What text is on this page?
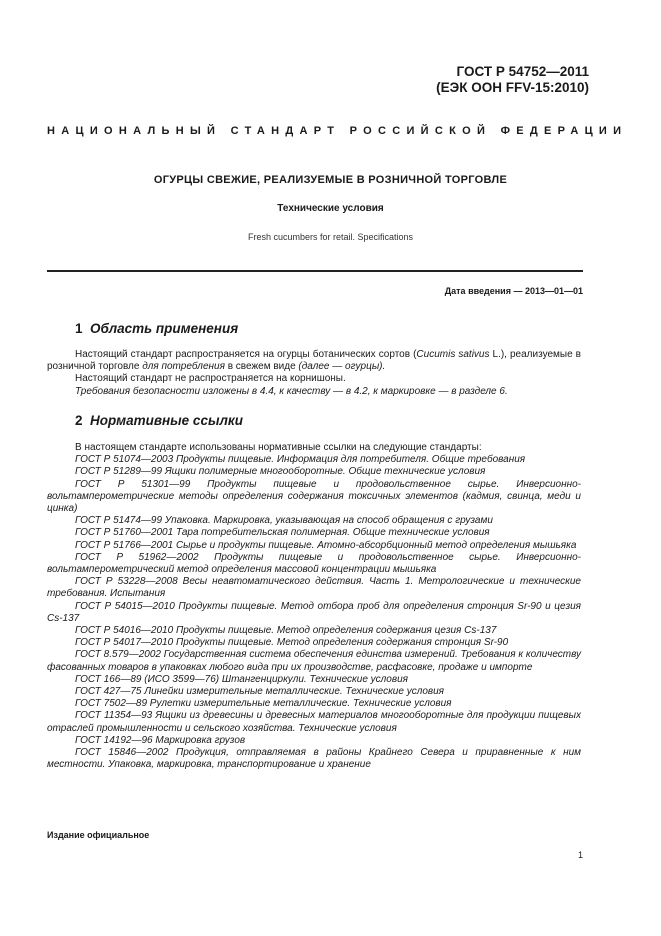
ГОСТ Р 54752—2011
(ЕЭК ООН FFV-15:2010)
НАЦИОНАЛЬНЫЙ СТАНДАРТ РОССИЙСКОЙ ФЕДЕРАЦИИ
ОГУРЦЫ СВЕЖИЕ, РЕАЛИЗУЕМЫЕ В РОЗНИЧНОЙ ТОРГОВЛЕ
Технические условия
Fresh cucumbers for retail. Specifications
Дата введения — 2013—01—01
1 Область применения

Настоящий стандарт распространяется на огурцы ботанических сортов (Cucumis sativus L.), реализуемые в розничной торговле для потребления в свежем виде (далее — огурцы).

Настоящий стандарт не распространяется на корнишоны.

Требования безопасности изложены в 4.4, к качеству — в 4.2, к маркировке — в разделе 6.

2 Нормативные ссылки

В настоящем стандарте использованы нормативные ссылки на следующие стандарты:

ГОСТ Р 51074—2003 Продукты пищевые. Информация для потребителя. Общие требования

ГОСТ Р 51289—99 Ящики полимерные многооборотные. Общие технические условия

ГОСТ Р 51301—99 Продукты пищевые и продовольственное сырье. Инверсионно-вольтамперометрические методы определения содержания токсичных элементов (кадмия, свинца, меди и цинка)

ГОСТ Р 51474—99 Упаковка. Маркировка, указывающая на способ обращения с грузами

ГОСТ Р 51760—2001 Тара потребительская полимерная. Общие технические условия

ГОСТ Р 51766—2001 Сырье и продукты пищевые. Атомно-абсорбционный метод определения мышьяка

ГОСТ Р 51962—2002 Продукты пищевые и продовольственное сырье. Инверсионно-вольтамперометрический метод определения массовой концентрации мышьяка

ГОСТ Р 53228—2008 Весы неавтоматического действия. Часть 1. Метрологические и технические требования. Испытания

ГОСТ Р 54015—2010 Продукты пищевые. Метод отбора проб для определения стронция Sr-90 и цезия Cs-137

ГОСТ Р 54016—2010 Продукты пищевые. Метод определения содержания цезия Cs-137

ГОСТ Р 54017—2010 Продукты пищевые. Метод определения содержания стронция Sr-90

ГОСТ 8.579—2002 Государственная система обеспечения единства измерений. Требования к количеству фасованных товаров в упаковках любого вида при их производстве, расфасовке, продаже и импорте

ГОСТ 166—89 (ИСО 3599—76) Штангенциркули. Технические условия

ГОСТ 427—75 Линейки измерительные металлические. Технические условия

ГОСТ 7502—89 Рулетки измерительные металлические. Технические условия

ГОСТ 11354—93 Ящики из древесины и древесных материалов многооборотные для продукции пищевых отраслей промышленности и сельского хозяйства. Технические условия

ГОСТ 14192—96 Маркировка грузов

ГОСТ 15846—2002 Продукция, отправляемая в районы Крайнего Севера и приравненные к ним местности. Упаковка, маркировка, транспортирование и хранение

Издание официальное
1
